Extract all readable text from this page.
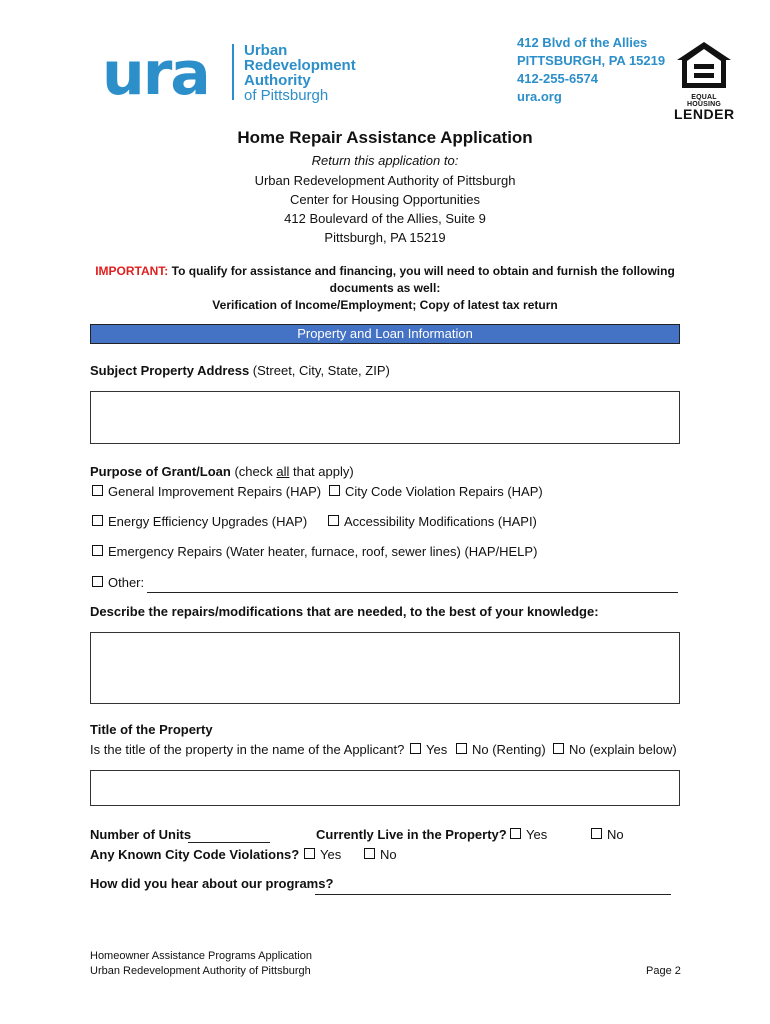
ura Urban
Redevelopment
Authority
of Pittsburgh
412 Blvd of the Allies
PITTSBURGH, PA 15219
412-255-6574
ura.org	EQUAL HOUSING
LENDER
Home Repair Assistance Application
Return this application to:
Urban Redevelopment Authority of Pittsburgh
Center for Housing Opportunities
412 Boulevard of the Allies, Suite 9
Pittsburgh, PA 15219
IMPORTANT: To qualify for assistance and financing, you will need to obtain and furnish the following
documents as well:
Verification of Income/Employment; Copy of latest tax return
Property and Loan Information
Subject Property Address (Street, City, State, ZIP)
Purpose of Grant/Loan (check all that apply)
General Improvement Repairs (HAP)	City Code Violation Repairs (HAP)
Energy Efficiency Upgrades (HAP)	Accessibility Modifications (HAPI)
Emergency Repairs (Water heater, furnace, roof, sewer lines) (HAP/HELP)
Other:
Describe the repairs/modifications that are needed, to the best of your knowledge:
Title of the Property
Is the title of the property in the name of the Applicant?	Yes	No (Renting)	No (explain below)
Number of Units	Currently Live in the Property?	Yes	No
Any Known City Code Violations?	Yes	No
How did you hear about our programs?
Homeowner Assistance Programs Application
Urban Redevelopment Authority of Pittsburgh	Page 2
